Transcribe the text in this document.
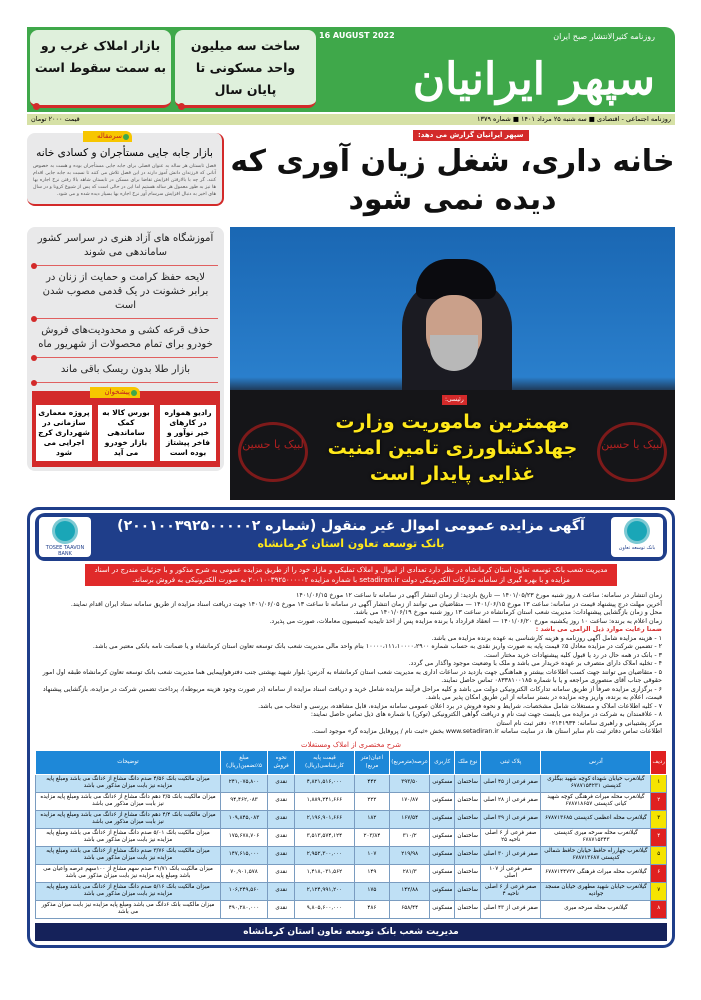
روزنامه کثیرالانتشار صبح ایران
سپهر ایرانیان
16 AUGUST 2022
ساخت سه میلیون واحد مسکونی تا پایان سال
بازار املاک غرب رو به سمت سقوط است
روزنامه اجتماعی - اقتصادی ■ سه شنبه ۲۵ مرداد ۱۴۰۱ ■ شماره ۱۳۷۹
قیمت ۲۰۰۰ تومان
سرمقاله
بازار جابه جایی مستأجران و کسادی خانه
فصل تابستان هر ساله به عنوان فصلی برای جابه جایی مستأجران بوده و هست به خصوص آنانی که فرزندان دانش آموز دارند در این فصل تلاش می کنند تا نسبت به جابه جایی اقدام کنند. گر چه با بالارفتن افزایش تقاضا برای مسکن در تابستان شاهد بالا رفتن نرخ اجاره بها ها نیز به طور معمول هر ساله هستیم اما این در حالی است که پس از شیوع کرونا و در سال های اخیر به دنبال افزایش سرسام آور نرخ اجاره بها بسیار دیده شده و می شود.
آموزشگاه های آزاد هنری در سراسر کشور ساماندهی می شوند
لایحه حفظ کرامت و حمایت از زنان در برابر خشونت در یک قدمی مصوب شدن است
حذف قرعه کشی و محدودیت‌های فروش خودرو برای تمام محصولات از شهریور ماه
بازار طلا بدون ریسک باقی ماند
پیشخوان
رادیو همواره در کارهای خیر نوآور و فاخر پیشتاز بوده است
بورس کالا به کمک ساماندهی بازار خودرو می آید
پروژه معماری سازمانی در شهرداری کرج اجرایی می شود
سپهر ایرانیان گزارش می دهد:
خانه داری، شغل زیان آوری که دیده نمی شود
لبیک یا حسین	لبیک یا حسین
رئیسی:
مهمترین ماموریت وزارت جهادکشاورزی تامین امنیت غذایی پایدار است
بانک توسعه تعاون
TOSEE TAAVON BANK
آگهی مزایده عمومی اموال غیر منقول (شماره ۲۰۰۱۰۰۳۹۲۵۰۰۰۰۰۲)
بانک توسعه تعاون استان کرمانشاه
مدیریت شعب بانک توسعه تعاون استان کرمانشاه در نظر دارد تعدادی از اموال و املاک تملیکی و مازاد خود را از طریق مزایده عمومی به شرح مذکور و با جزئیات مندرج در اسناد مزایده و با بهره گیری از سامانه تدارکات الکترونیکی دولت setadiran.ir با شماره مزایده ۲۰۰۱۰۰۳۹۲۵۰۰۰۰۰۲ به صورت الکترونیکی به فروش برساند.
زمان انتشار در سامانه: ساعت ۸ روز شنبه مورخ ۱۴۰۱/۰۵/۲۳ — تاریخ بازدید: از زمان انتشار آگهی در سامانه تا ساعت ۱۲ مورخ ۱۴۰۱/۰۶/۱۵
آخرین مهلت درج پیشنهاد قیمت در سامانه: ساعت ۱۳ مورخ ۱۴۰۱/۰۶/۱۵ — متقاضیان می توانند از زمان انتشار آگهی در سامانه تا ساعت ۱۳ مورخ ۱۴۰۱/۰۶/۰۵ جهت دریافت اسناد مزایده از طریق سامانه ستاد ایران اقدام نمایند.
محل و زمان بازگشایی پیشنهادات: مدیریت شعب استان کرمانشاه در ساعت ۱۳ روز شنبه مورخ ۱۴۰۱/۰۶/۱۹ می باشد.
زمان اعلام به برنده: ساعت ۱۰ روز یکشنبه مورخ ۱۴۰۱/۰۶/۲۰ — انعقاد قرارداد با برنده مزایده پس از اخذ تاییدیه کمیسیون معاملات، صورت می پذیرد.
ضمنا رعایت موارد ذیل الزامی می باشد :
۱ - هزینه مزایده شامل آگهی روزنامه و هزینه کارشناسی به عهده برنده مزایده می باشد.
۲ - تضمین شرکت در مزایده معادل ۵٪ قیمت پایه به صورت واریز نقدی به حساب شماره ۱۰۰۰۰،۱۱۱،۱۰۰۰۰،۲۹۰۰ بنام واحد مالی مدیریت شعب بانک توسعه تعاون استان کرمانشاه و یا ضمانت نامه بانکی معتبر می باشد.
۳ - بانک در همه حال در رد یا قبول کلیه پیشنهادات خرید مختار است.
۴ - تخلیه املاک دارای متصرف بر عهده خریدار می باشد و ملک با وضعیت موجود واگذار می گردد.
۵ - متقاضیان می توانند جهت کسب اطلاعات بیشتر و هماهنگی جهت بازدید در ساعات اداری به مدیریت شعب استان کرمانشاه به آدرس: بلوار شهید بهشتی جنب دفترهواپیمایی هما مدیریت شعب بانک توسعه تعاون کرمانشاه طبقه اول امور حقوقی جناب آقای منصوری مراجعه و یا با شماره ۰۸۳۳۸۱۰۰۱۸۵ تماس حاصل نمایند.
۶ - برگزاری مزایده صرفاً از طریق سامانه تدارکات الکترونیکی دولت می باشد و کلیه مراحل فرآیند مزایده شامل خرید و دریافت اسناد مزایده از سامانه (در صورت وجود هزینه مربوطه)، پرداخت تضمین شرکت در مزایده، بازگشایی پیشنهاد قیمت، اعلام به برنده، واریز وجه مزایده در بستر سامانه از این طریق امکان پذیر می باشد.
۷ - کلیه اطلاعات املاک و مستغلات شامل مشخصات، شرایط و نحوه فروش در برد اعلان عمومی سامانه مزایده، قابل مشاهده، بررسی و انتخاب می باشد.
۸ - علاقمندان به شرکت در مزایده می بایست جهت ثبت نام و دریافت گواهی الکترونیکی (توکن) با شماره های ذیل تماس حاصل نمایند:
مرکز پشتیبانی و راهبری سامانه: ۰۲۱۴۱۹۳۴ دفتر ثبت نام استان
اطلاعات تماس دفاتر ثبت نام سایر استان ها، در سایت سامانه www.setadiran.ir بخش «ثبت نام / پروفایل مزایده گر» موجود است.
شرح مختصری از املاک ومستغلات
ردیف	آدرس	پلاک ثبتی	نوع ملک	کاربری	عرصه(مترمربع)	اعیان(متر مربع)	قیمت پایه کارشناسی(ریال)	نحوه فروش	مبلغ ۵٪تضمین(ریال)	توضیحات
۱	گیلانغرب خیابان شهداء کوچه شهید بیگلری کدپستی ۶۷۸۷۱۵۴۲۳۱	صفر فرعی از ۴۵ اصلی	ساختمان	مسکونی	۳۹۳/۵۰	۴۴۲	۴,۸۲۱,۵۱۶,۰۰۰	نقدی	۲۴۱,۰۷۵,۸۰۰	میزان مالکیت بانک ۴/۵۶ صدم دانگ مشاع از ۶دانگ می باشد ومبلغ پایه مزایده نیز بابت میزان مذکور می باشد
۲	گیلانغرب محله میراث فرهنگی کوچه شهید کیانی کدپستی ۶۷۸۷۱۸۶۵۷	صفر فرعی از ۲۸ اصلی	ساختمان	مسکونی	۱۷۰/۸۷	۲۲۲	۱,۸۸۹,۲۴۱,۶۶۶	نقدی	۹۴,۴۶۲,۰۸۳	میزان مالکیت بانک ۳/۵ دهم دانگ مشاع از ۶دانگ می باشد ومبلغ پایه مزایده نیز بابت میزان مذکور می باشد
۳	گیلانغرب محله اعظمی کدپستی ۶۷۸۷۱۳۶۸۵	صفر فرعی از ۳۹ اصلی	ساختمان	مسکونی	۱۶۷/۵۴	۱۸۲	۲,۱۹۶,۹۰۱,۶۶۶	نقدی	۱۰۹,۸۴۵,۰۸۳	میزان مالکیت بانک ۴/۴ دهم دانگ مشاع از ۶دانگ می باشد ومبلغ پایه مزایده نیز بابت میزان مذکور می باشد
۴	گیلانغرب محله سرخه میری کدپستی ۶۷۸۷۱۵۳۴۳	صفر فرعی از ۶ اصلی ناحیه ۲۵	ساختمان	مسکونی	۳۱۰/۲	۲۰۳/۸۴	۳,۵۱۳,۵۷۴,۱۲۴	نقدی	۱۷۵,۶۷۸,۷۰۶	میزان مالکیت بانک ۵/۰۱ صدم دانگ مشاع از ۶دانگ می باشد ومبلغ پایه مزایده نیز بابت میزان مذکور می باشد
۵	گیلانغرب چهارراه حافظ خیابان حافظ شمالی کدپستی ۶۷۸۷۱۳۶۸۷	صفر فرعی از ۳۰ اصلی	ساختمان	مسکونی	۲۱۹/۹۸	۱۰۷	۲,۹۵۲,۳۰۰,۰۰۰	نقدی	۱۴۷,۶۱۵,۰۰۰	میزان مالکیت بانک ۳/۷۶ صدم دانگ مشاع از ۶دانگ می باشد ومبلغ پایه مزایده نیز بابت میزان مذکور می باشد
۶	گیلانغرب محله میراث فرهنگی ۶۷۸۷۱۴۴۷۲۷	صفر فرعی از ۱۰۷ اصلی	ساختمان	مسکونی	۲۸۱/۳	۱۴۹	۱,۴۱۸,۰۳۱,۵۶۲	نقدی	۷۰,۹۰۱,۵۷۸	میزان مالکیت بانک ۴۱/۷۱ صدم سهم مشاع از ۱۰۰سهم عرصه واعیان می باشد ومبلغ پایه مزایده نیز بابت میزان مذکور می باشد
۷	گیلانغرب خیابان شهید مطهری خیابان مسجد جوادیه	صفر فرعی از ۶ اصلی ناحیه ۴	ساختمان	مسکونی	۱۴۲/۸۸	۱۷۵	۲,۱۲۴,۹۹۱,۲۰۰	نقدی	۱۰۶,۲۴۹,۵۶۰	میزان مالکیت بانک ۵/۱۶ صدم دانگ مشاع از ۶دانگ می باشد ومبلغ پایه مزایده نیز بابت میزان مذکور می باشد
۸	گیلانغرب محله سرخه میری	صفر فرعی از ۴۳ اصلی	ساختمان	مسکونی	۶۵۸/۴۴	۴۸۶	۹,۸۰۵,۶۰۰,۰۰۰	نقدی	۴۹۰,۲۸۰,۰۰۰	میزان مالکیت بانک ۶دانگ می باشد ومبلغ پایه مزایده نیز بابت میزان مذکور می باشد
مدیریت شعب بانک توسعه تعاون استان کرمانشاه
